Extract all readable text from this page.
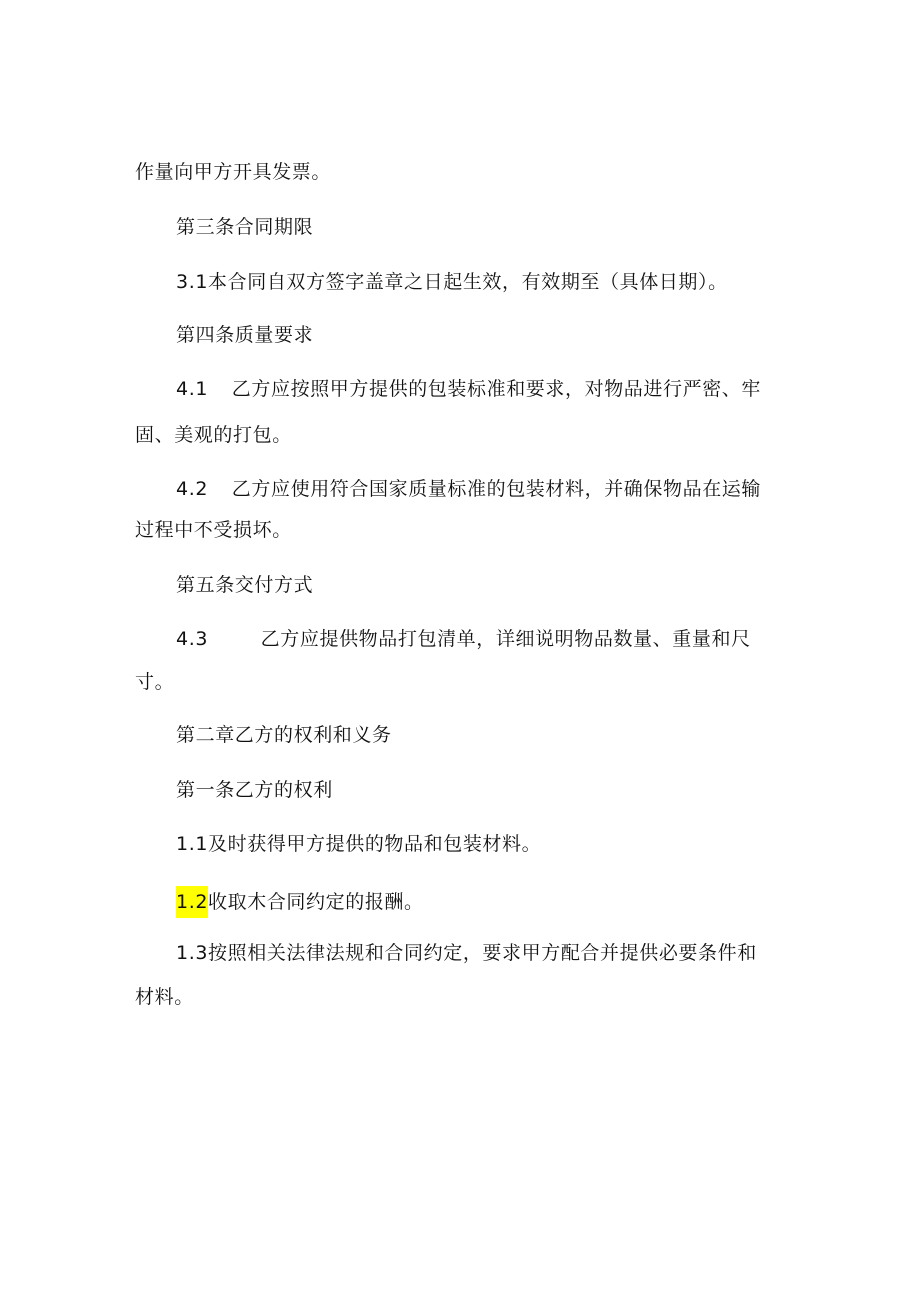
作量向甲方开具发票。
第三条合同期限
3.1本合同自双方签字盖章之日起生效，有效期至（具体日期）。
第四条质量要求
4.1 乙方应按照甲方提供的包装标准和要求，对物品进行严密、牢
固、美观的打包。
4.2 乙方应使用符合国家质量标准的包装材料，并确保物品在运输
过程中不受损坏。
第五条交付方式
4.3	乙方应提供物品打包清单，详细说明物品数量、重量和尺
寸。
第二章乙方的权利和义务
第一条乙方的权利
1.1及时获得甲方提供的物品和包装材料。
1.2收取木合同约定的报酬。
1.3按照相关法律法规和合同约定，要求甲方配合并提供必要条件和
材料。
